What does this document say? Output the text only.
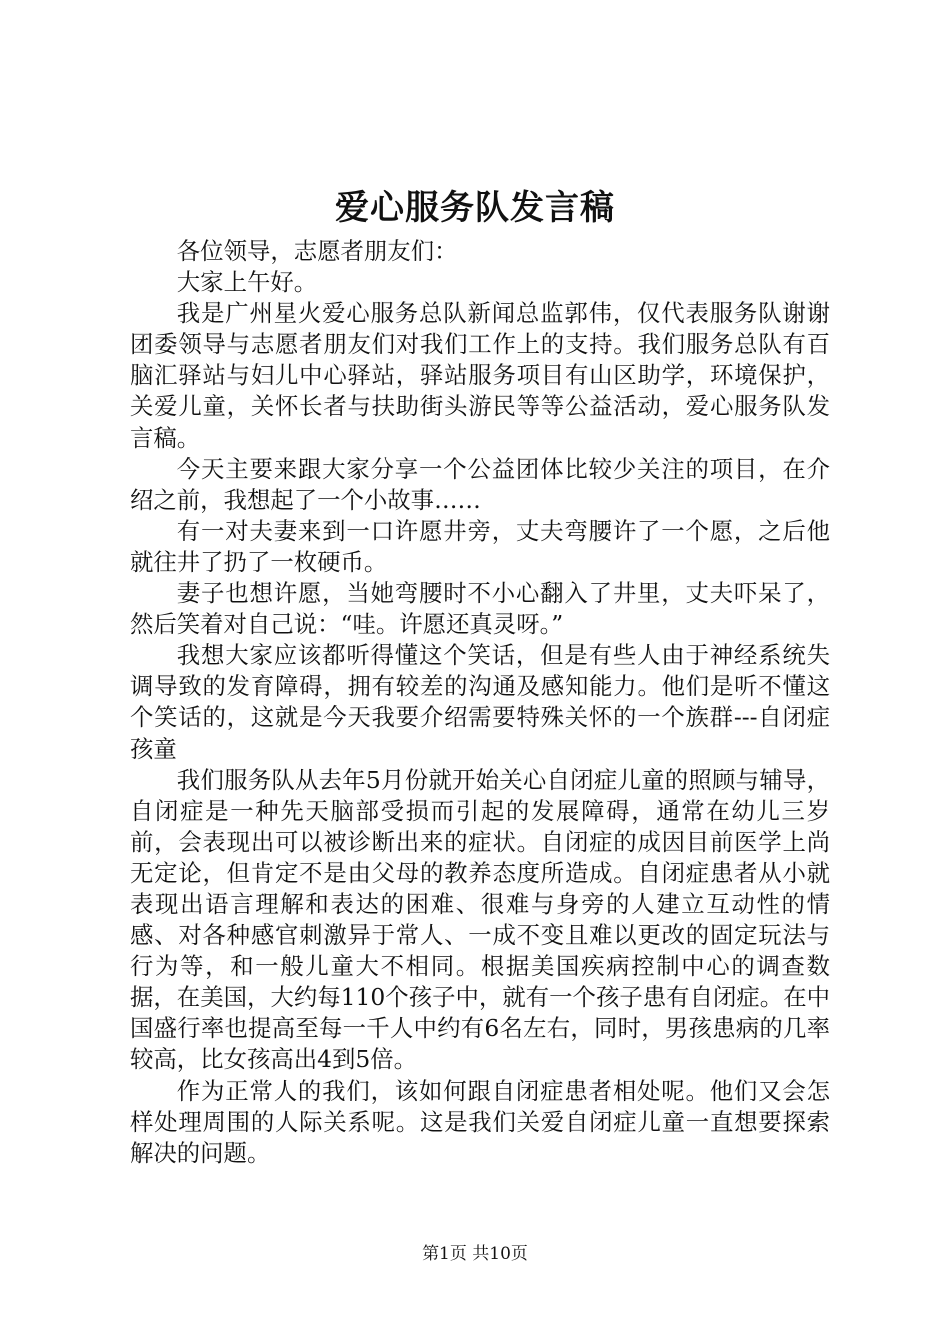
爱心服务队发言稿

各位领导，志愿者朋友们：

大家上午好。

我是广州星火爱心服务总队新闻总监郭伟，仅代表服务队谢谢团委领导与志愿者朋友们对我们工作上的支持。我们服务总队有百脑汇驿站与妇儿中心驿站，驿站服务项目有山区助学，环境保护，关爱儿童，关怀长者与扶助街头游民等等公益活动，爱心服务队发言稿。

今天主要来跟大家分享一个公益团体比较少关注的项目，在介绍之前，我想起了一个小故事……

有一对夫妻来到一口许愿井旁，丈夫弯腰许了一个愿，之后他就往井了扔了一枚硬币。

妻子也想许愿，当她弯腰时不小心翻入了井里，丈夫吓呆了，然后笑着对自己说：“哇。许愿还真灵呀。”

我想大家应该都听得懂这个笑话，但是有些人由于神经系统失调导致的发育障碍，拥有较差的沟通及感知能力。他们是听不懂这个笑话的，这就是今天我要介绍需要特殊关怀的一个族群---自闭症孩童

我们服务队从去年5月份就开始关心自闭症儿童的照顾与辅导，自闭症是一种先天脑部受损而引起的发展障碍，通常在幼儿三岁前，会表现出可以被诊断出来的症状。自闭症的成因目前医学上尚无定论，但肯定不是由父母的教养态度所造成。自闭症患者从小就表现出语言理解和表达的困难、很难与身旁的人建立互动性的情感、对各种感官刺激异于常人、一成不变且难以更改的固定玩法与行为等，和一般儿童大不相同。根据美国疾病控制中心的调查数据，在美国，大约每110个孩子中，就有一个孩子患有自闭症。在中国盛行率也提高至每一千人中约有6名左右，同时，男孩患病的几率较高，比女孩高出4到5倍。

作为正常人的我们，该如何跟自闭症患者相处呢。他们又会怎样处理周围的人际关系呢。这是我们关爱自闭症儿童一直想要探索解决的问题。

第1页 共10页
